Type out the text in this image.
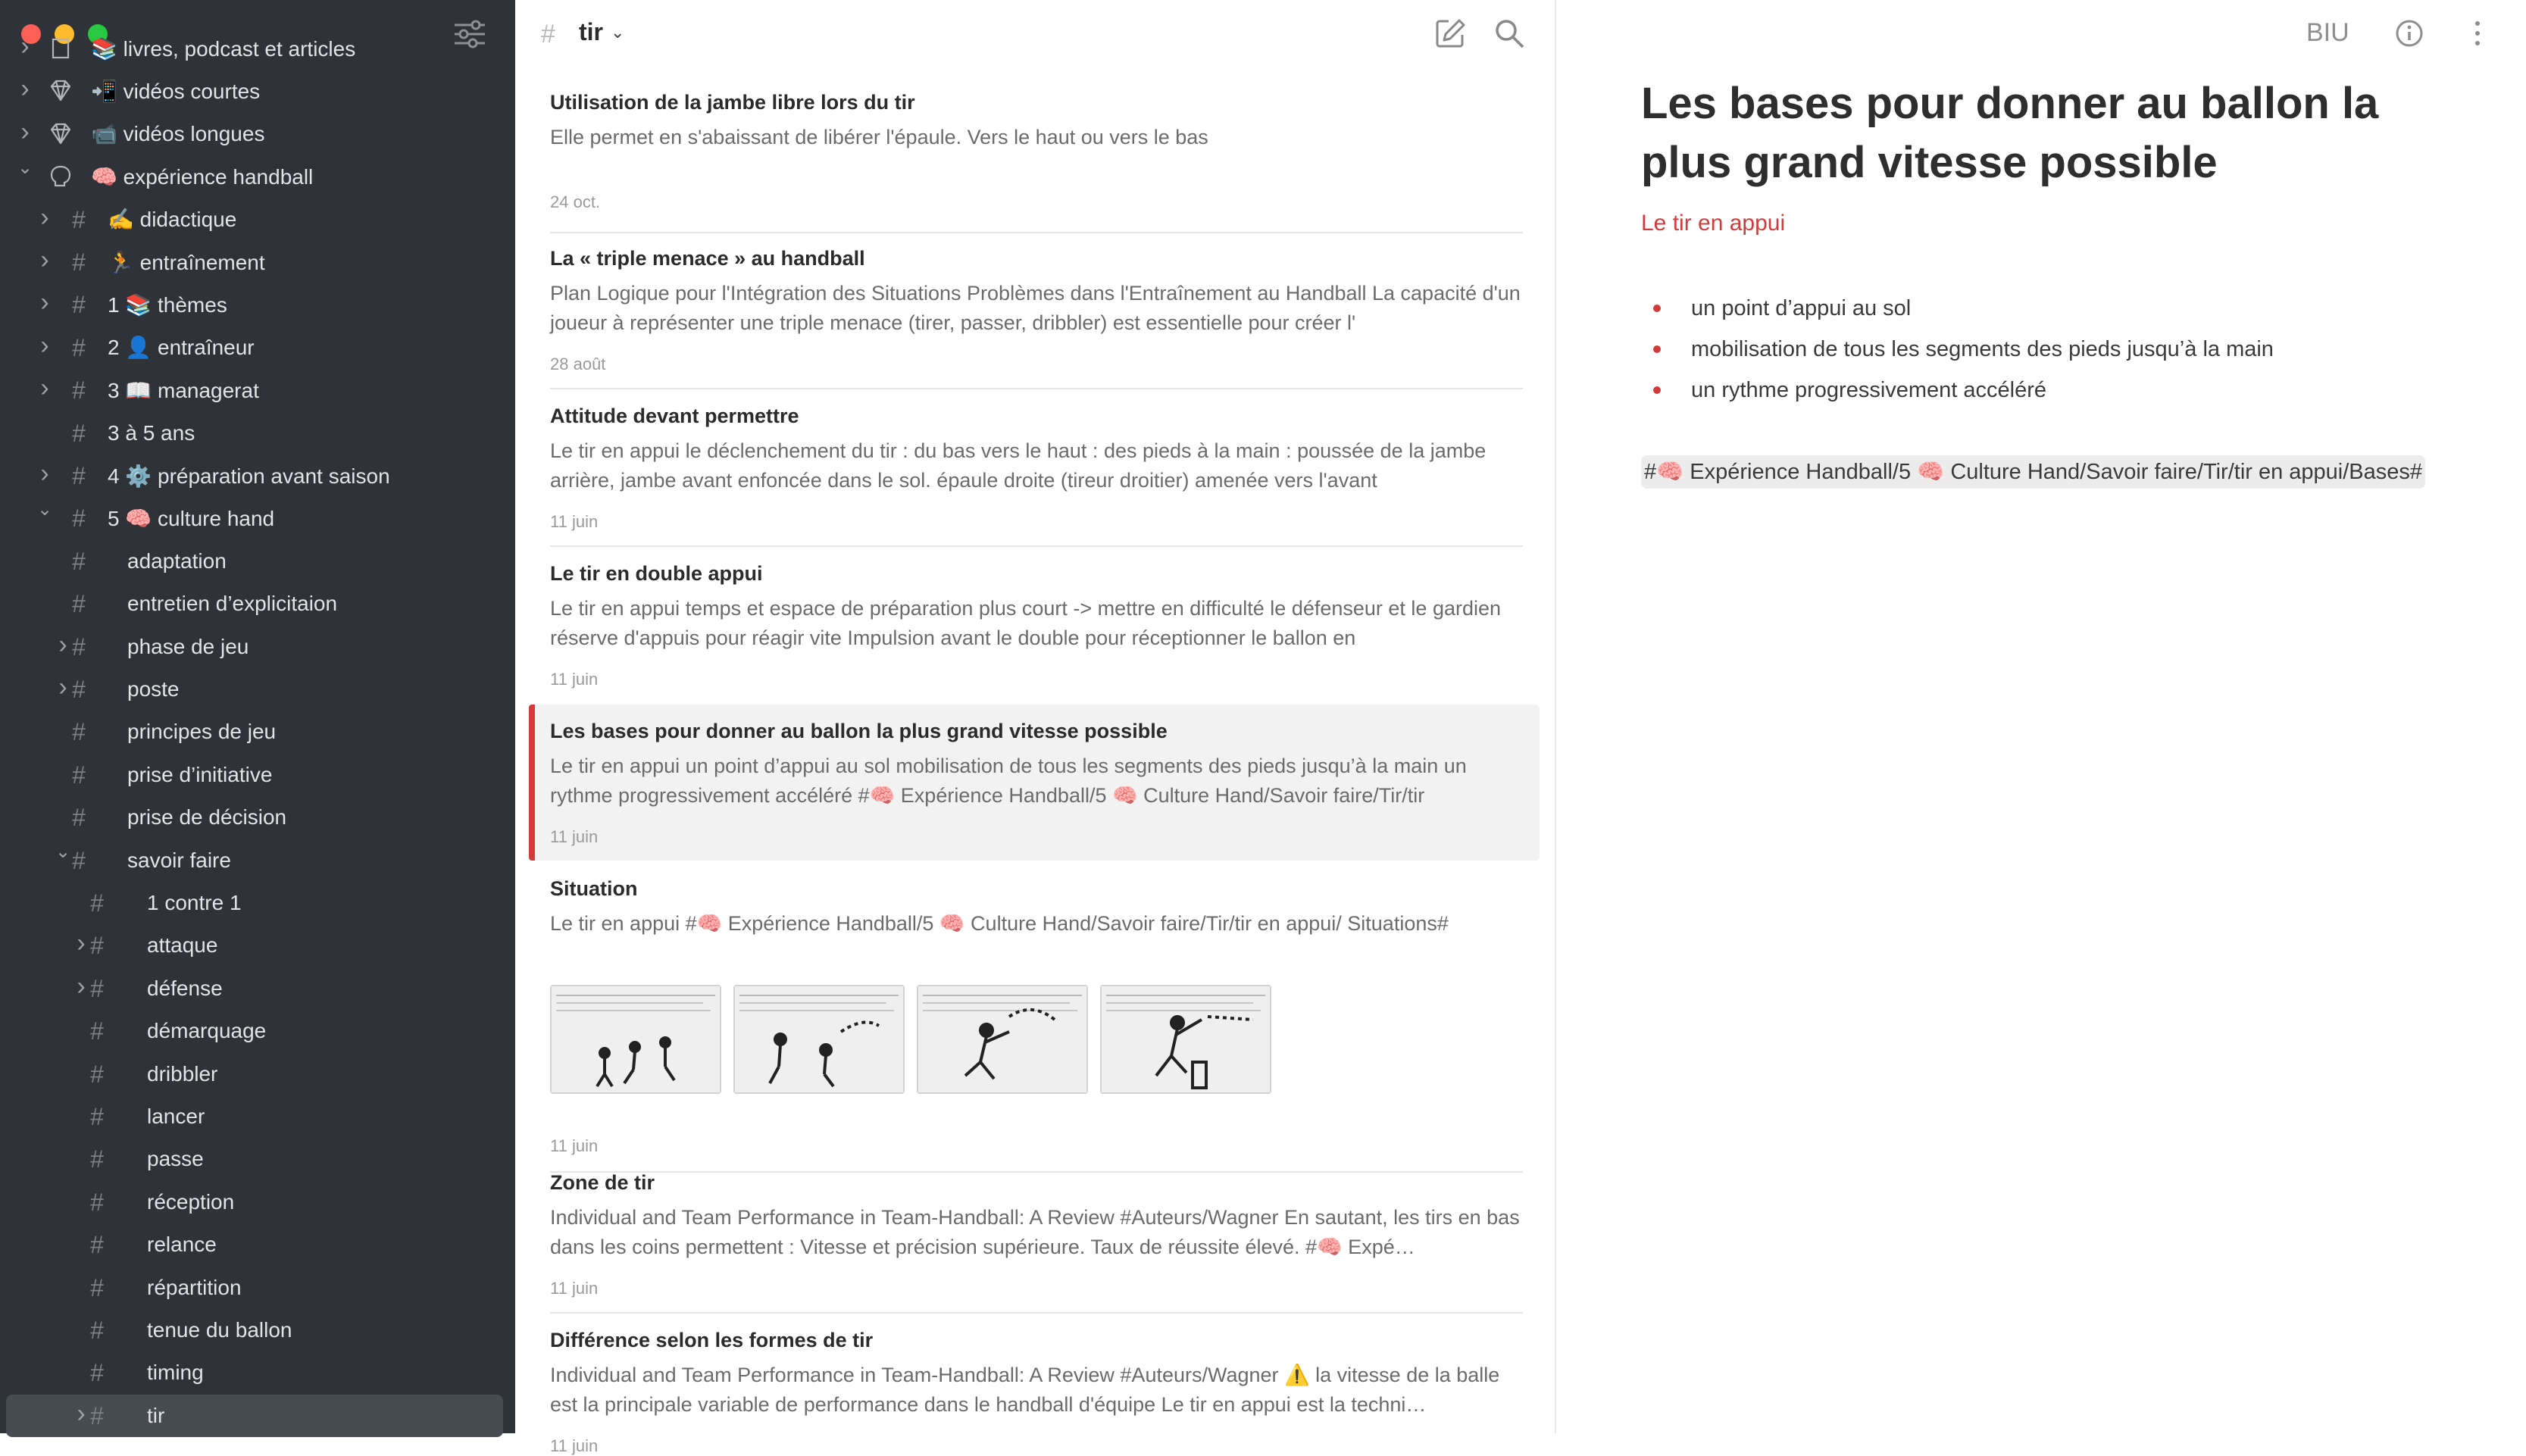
›	📚 livres, podcast et articles
›	📲 vidéos courtes
›	📹 vidéos longues
⌄	🧠 expérience handball
› #	✍️ didactique
› #	🏃 entraînement
› #	1 📚 thèmes
› #	2 👤 entraîneur
› #	3 📖 managerat
#	3 à 5 ans
› #	4 ⚙️ préparation avant saison
⌄ #	5 🧠 culture hand
#	adaptation
#	entretien d’explicitaion
› #	phase de jeu
› #	poste
#	principes de jeu
#	prise d’initiative
#	prise de décision
⌄ #	savoir faire
#	1 contre 1
› #	attaque
› #	défense
#	démarquage
#	dribbler
#	lancer
#	passe
#	réception
#	relance
#	répartition
#	tenue du ballon
#	timing
› #	tir
# tir ⌄
Utilisation de la jambe libre lors du tir
Elle permet en s'abaissant de libérer l'épaule. Vers le haut ou vers le bas
24 oct.
La « triple menace » au handball
Plan Logique pour l'Intégration des Situations Problèmes dans l'Entraînement au Handball La capacité d'un joueur à représenter une triple menace (tirer, passer, dribbler) est essentielle pour créer l'
28 août
Attitude devant permettre
Le tir en appui le déclenchement du tir : du bas vers le haut : des pieds à la main : poussée de la jambe arrière, jambe avant enfoncée dans le sol. épaule droite (tireur droitier) amenée vers l'avant
11 juin
Le tir en double appui
Le tir en appui temps et espace de préparation plus court -> mettre en difficulté le défenseur et le gardien réserve d'appuis pour réagir vite Impulsion avant le double pour réceptionner le ballon en
11 juin
Les bases pour donner au ballon la plus grand vitesse possible
Le tir en appui un point d’appui au sol mobilisation de tous les segments des pieds jusqu’à la main un rythme progressivement accéléré #🧠 Expérience Handball/5 🧠 Culture Hand/Savoir faire/Tir/tir
11 juin
Situation
Le tir en appui #🧠 Expérience Handball/5 🧠 Culture Hand/Savoir faire/Tir/tir en appui/ Situations#
11 juin
Zone de tir
Individual and Team Performance in Team-Handball: A Review #Auteurs/Wagner En sautant, les tirs en bas dans les coins permettent : Vitesse et précision supérieure. Taux de réussite élevé. #🧠 Expé…
11 juin
Différence selon les formes de tir
Individual and Team Performance in Team-Handball: A Review #Auteurs/Wagner ⚠️ la vitesse de la balle est la principale variable de performance dans le handball d'équipe Le tir en appui est la techni…
11 juin
BIU
Les bases pour donner au ballon la plus grand vitesse possible
Le tir en appui
un point d’appui au sol
mobilisation de tous les segments des pieds jusqu’à la main
un rythme progressivement accéléré
#🧠 Expérience Handball/5 🧠 Culture Hand/Savoir faire/Tir/tir en appui/Bases#
